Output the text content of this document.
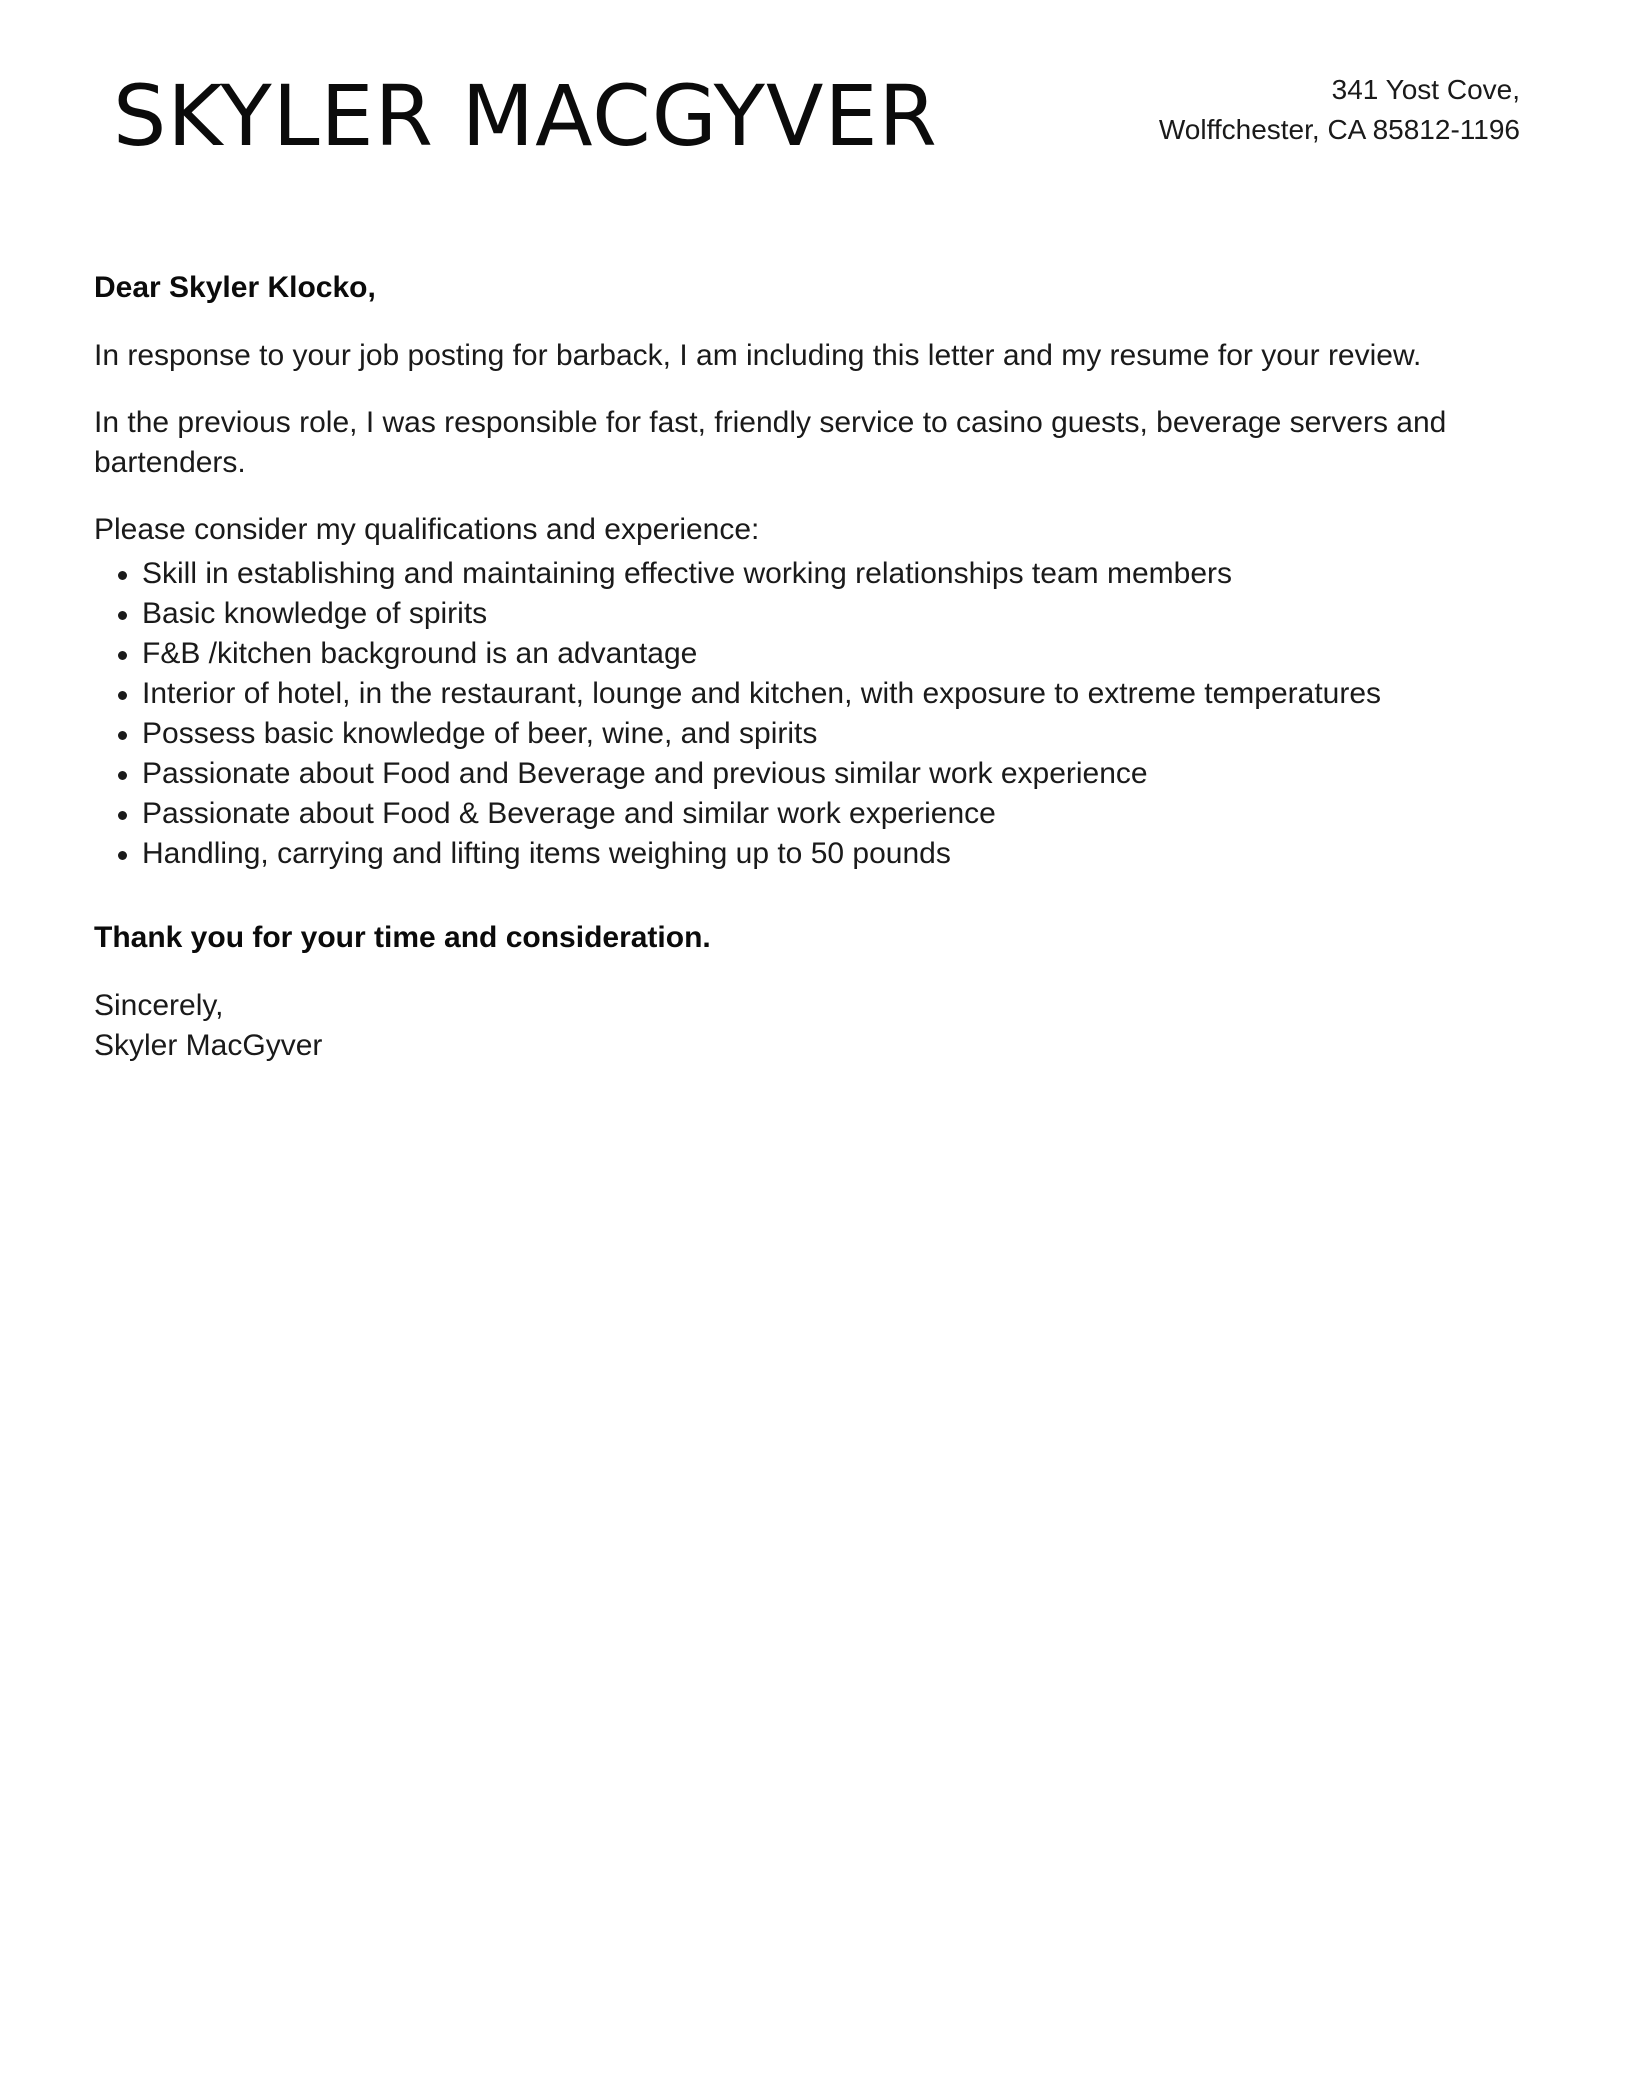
SKYLER MACGYVER	341 Yost Cove,
Wolffchester, CA 85812-1196
Dear Skyler Klocko,
In response to your job posting for barback, I am including this letter and my resume for your review.
In the previous role, I was responsible for fast, friendly service to casino guests, beverage servers and
bartenders.
Please consider my qualifications and experience:
Skill in establishing and maintaining effective working relationships team members
Basic knowledge of spirits
F&B /kitchen background is an advantage
Interior of hotel, in the restaurant, lounge and kitchen, with exposure to extreme temperatures
Possess basic knowledge of beer, wine, and spirits
Passionate about Food and Beverage and previous similar work experience
Passionate about Food & Beverage and similar work experience
Handling, carrying and lifting items weighing up to 50 pounds
Thank you for your time and consideration.
Sincerely,
Skyler MacGyver
